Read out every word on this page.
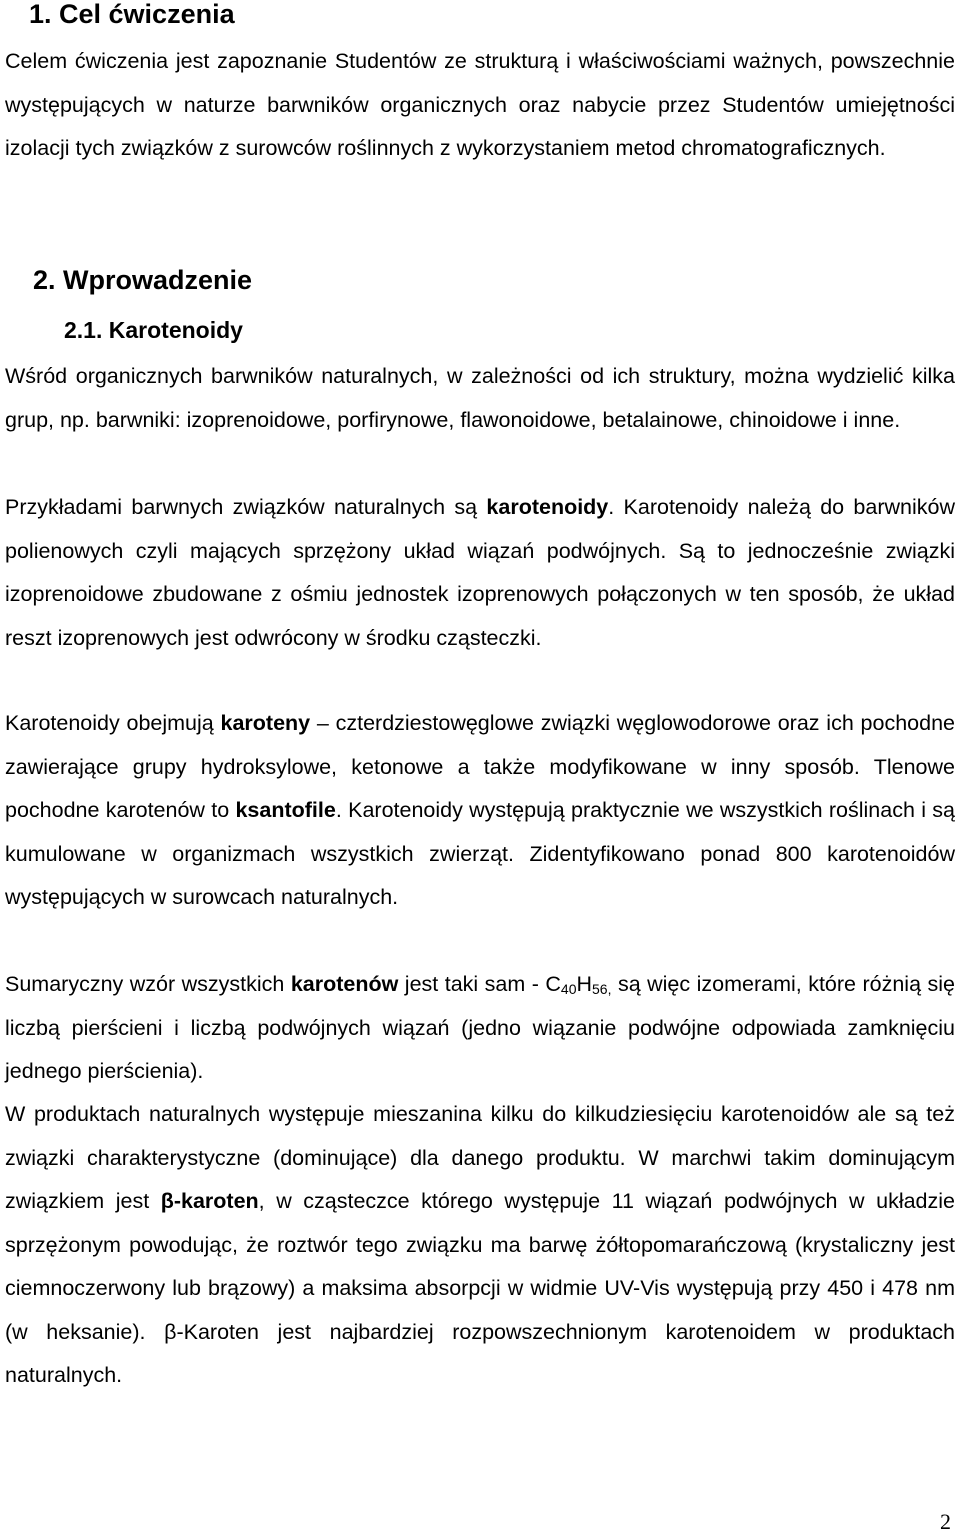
1. Cel ćwiczenia

Celem ćwiczenia jest zapoznanie Studentów ze strukturą i właściwościami ważnych, powszechnie występujących w naturze barwników organicznych oraz nabycie przez Studentów umiejętności izolacji tych związków z surowców roślinnych z wykorzystaniem metod chromatograficznych.

2. Wprowadzenie
2.1. Karotenoidy

Wśród organicznych barwników naturalnych, w zależności od ich struktury, można wydzielić kilka grup, np. barwniki: izoprenoidowe, porfirynowe, flawonoidowe, betalainowe, chinoidowe i inne.

Przykładami barwnych związków naturalnych są karotenoidy. Karotenoidy należą do barwników polienowych czyli mających sprzężony układ wiązań podwójnych. Są to jednocześnie związki izoprenoidowe zbudowane z ośmiu jednostek izoprenowych połączonych w ten sposób, że układ reszt izoprenowych jest odwrócony w środku cząsteczki.

Karotenoidy obejmują karoteny – czterdziestowęglowe związki węglowodorowe oraz ich pochodne zawierające grupy hydroksylowe, ketonowe a także modyfikowane w inny sposób. Tlenowe pochodne karotenów to ksantofile. Karotenoidy występują praktycznie we wszystkich roślinach i są kumulowane w organizmach wszystkich zwierząt. Zidentyfikowano ponad 800 karotenoidów występujących w surowcach naturalnych.

Sumaryczny wzór wszystkich karotenów jest taki sam - $C_{40}H_{56,}$ są więc izomerami, które różnią się liczbą pierścieni i liczbą podwójnych wiązań (jedno wiązanie podwójne odpowiada zamknięciu jednego pierścienia).

W produktach naturalnych występuje mieszanina kilku do kilkudziesięciu karotenoidów ale są też związki charakterystyczne (dominujące) dla danego produktu. W marchwi takim dominującym związkiem jest β-karoten, w cząsteczce którego występuje 11 wiązań podwójnych w układzie sprzężonym powodując, że roztwór tego związku ma barwę żółtopomarańczową (krystaliczny jest ciemnoczerwony lub brązowy) a maksima absorpcji w widmie UV-Vis występują przy 450 i 478 nm (w heksanie). β-Karoten jest najbardziej rozpowszechnionym karotenoidem w produktach naturalnych.

2
